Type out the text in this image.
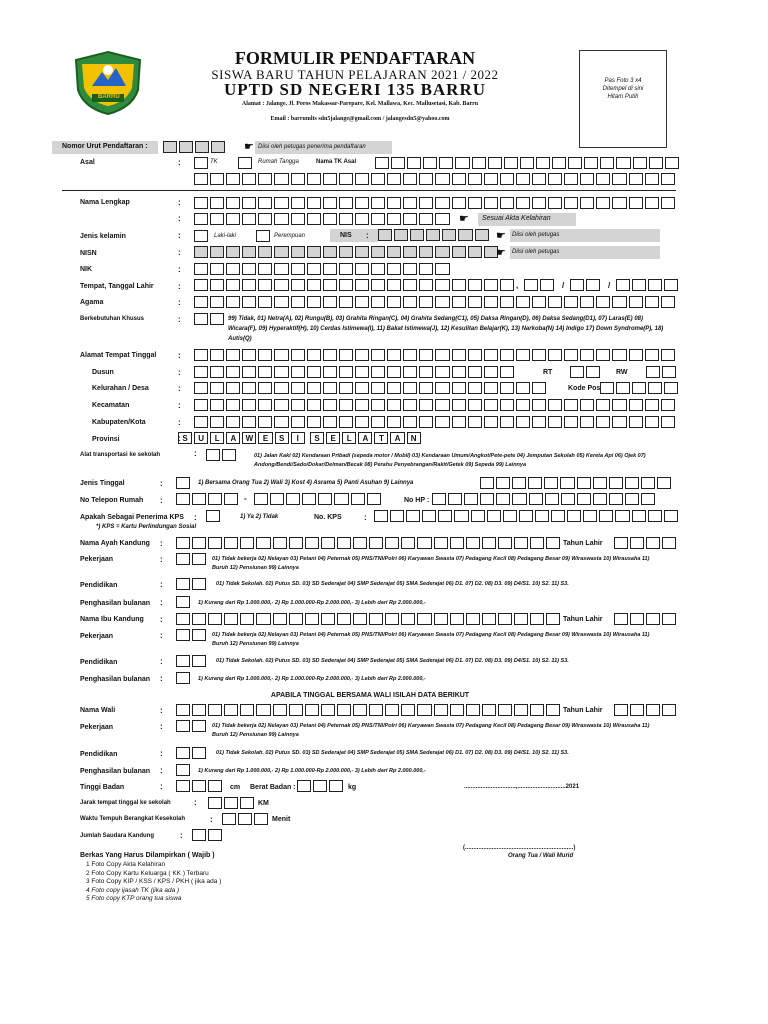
BARRU
FORMULIR PENDAFTARAN
SISWA BARU TAHUN PELAJARAN 2021 / 2022
UPTD SD NEGERI 135 BARRU
Alamat : Jalange, Jl. Poros Makassar-Parepare, Kel. Mallawa, Kec. Mallusetasi, Kab. Barru
Email : barrumlts sdn5jalange@gmail.com / jalangesdn5@yahoo.com
Pas Foto 3 x4 Ditempel di sini Hitam Putih
Nomor Urut Pendaftaran :	☛ Diisi oleh petugas penerima pendaftaran
Asal	:	TK	Rumah Tangga	Nama TK Asal
Nama Lengkap	:
:	☛ Sesuai Akta Kelahiran
Jenis kelamin	:	Laki-laki	Perempuan	NIS :	☛ Diisi oleh petugas
NISN	:	☛ Diisi oleh petugas
NIK	:
Tempat, Tanggal Lahir	:	,	/	/
Agama	:
Berkebutuhan Khusus	:	99) Tidak, 01) Netra(A), 02) Rungu(B), 03) Grahita Ringan(C), 04) Grahita Sedang(C1), 05) Daksa Ringan(D), 06) Daksa Sedang(D1), 07) Laras(E) 08) Wicara(F), 09) Hyperaktif(H), 10) Cerdas Istimewa(I), 11) Bakat Istimewa(J), 12) Kesulitan Belajar(K), 13) Narkoba(N) 14) Indigo 17) Down Syndrome(P), 18) Autis(Q)
Alamat Tempat Tinggal	:
Dusun	:	RT	RW
Kelurahan / Desa	:	Kode Pos
Kecamatan	:
Kabupaten/Kota	:
Provinsi	: S	U	L	A	W	E	S	I	S	E	L	A	T	A	N
Alat transportasi ke sekolah	:	01) Jalan Kaki 02) Kendaraan Pribadi (sepeda motor / Mobil) 03) Kendaraan Umum/Angkot/Pete-pete 04) Jemputan Sekolah 05) Kereta Api 06) Ojek 07) Andong/Bendi/Sado/Dokar/Delman/Becak 08) Perahu Penyebrangan/Rakit/Getek 09) Sepeda 99) Lainnya
Jenis Tinggal	:	1) Bersama Orang Tua 2) Wali 3) Kost 4) Asrama 5) Panti Asuhan 9) Lainnya
No Telepon Rumah :	-	No HP :
Apakah Sebagai Penerima KPS :	1) Ya 2) Tidak	No. KPS	:
*) KPS = Kartu Perlindungan Sosial
Nama Ayah Kandung :	Tahun Lahir
Pekerjaan	:	01) Tidak bekerja 02) Nelayan 03) Petani 04) Peternak 05) PNS/TNI/Polri 06) Karyawan Swasta 07) Pedagang Kecil 08) Pedagang Besar 09) Wiraswasta 10) Wirausaha 11) Buruh 12) Pensiunan 99) Lainnya
Pendidikan	:	01) Tidak Sekolah. 02) Putus SD. 03) SD Sederajat 04) SMP Sederajat 05) SMA Sederajat 06) D1. 07) D2. 08) D3. 09) D4/S1. 10) S2. 11) S3.
Penghasilan bulanan :	1) Kurang dari Rp 1.000.000,- 2) Rp 1.000.000-Rp 2.000.000,- 3) Lebih dari Rp 2.000.000,-
Nama Ibu Kandung :	Tahun Lahir
Pekerjaan	:	01) Tidak bekerja 02) Nelayan 03) Petani 04) Peternak 05) PNS/TNI/Polri 06) Karyawan Swasta 07) Pedagang Kecil 08) Pedagang Besar 09) Wiraswasta 10) Wirausaha 11) Buruh 12) Pensiunan 99) Lainnya
Pendidikan	:	01) Tidak Sekolah. 02) Putus SD. 03) SD Sederajat 04) SMP Sederajat 05) SMA Sederajat 06) D1. 07) D2. 08) D3. 09) D4/S1. 10) S2. 11) S3.
Penghasilan bulanan :	1) Kurang dari Rp 1.000.000,- 2) Rp 1.000.000-Rp 2.000.000,- 3) Lebih dari Rp 2.000.000,-
APABILA TINGGAL BERSAMA WALI ISILAH DATA BERIKUT
Nama Wali	:	Tahun Lahir
Pekerjaan	:	01) Tidak bekerja 02) Nelayan 03) Petani 04) Peternak 05) PNS/TNI/Polri 06) Karyawan Swasta 07) Pedagang Kecil 08) Pedagang Besar 09) Wiraswasta 10) Wirausaha 11) Buruh 12) Pensiunan 99) Lainnya
Pendidikan	:	01) Tidak Sekolah. 02) Putus SD. 03) SD Sederajat 04) SMP Sederajat 05) SMA Sederajat 06) D1. 07) D2. 08) D3. 09) D4/S1. 10) S2. 11) S3.
Penghasilan bulanan :	1) Kurang dari Rp 1.000.000,- 2) Rp 1.000.000-Rp 2.000.000,- 3) Lebih dari Rp 2.000.000,-
Tinggi Badan	:	cm Berat Badan :	kg	...............................,.............................2021
Jarak tempat tinggal ke sekolah	:	KM
Waktu Tempuh Berangkat Kesekolah	:	Menit
Jumlah Saudara Kandung	:
(.................................................................)
Orang Tua / Wali Murid
Berkas Yang Harus Dilampirkan ( Wajib )
1 Foto Copy Akta Kelahiran
2 Foto Copy Kartu Keluarga ( KK ) Terbaru
3 Foto Copy KIP / KSS / KPS / PKH ( jika ada )
4 Foto copy ijasah TK (jika ada )
5 Foto copy KTP orang tua siswa
